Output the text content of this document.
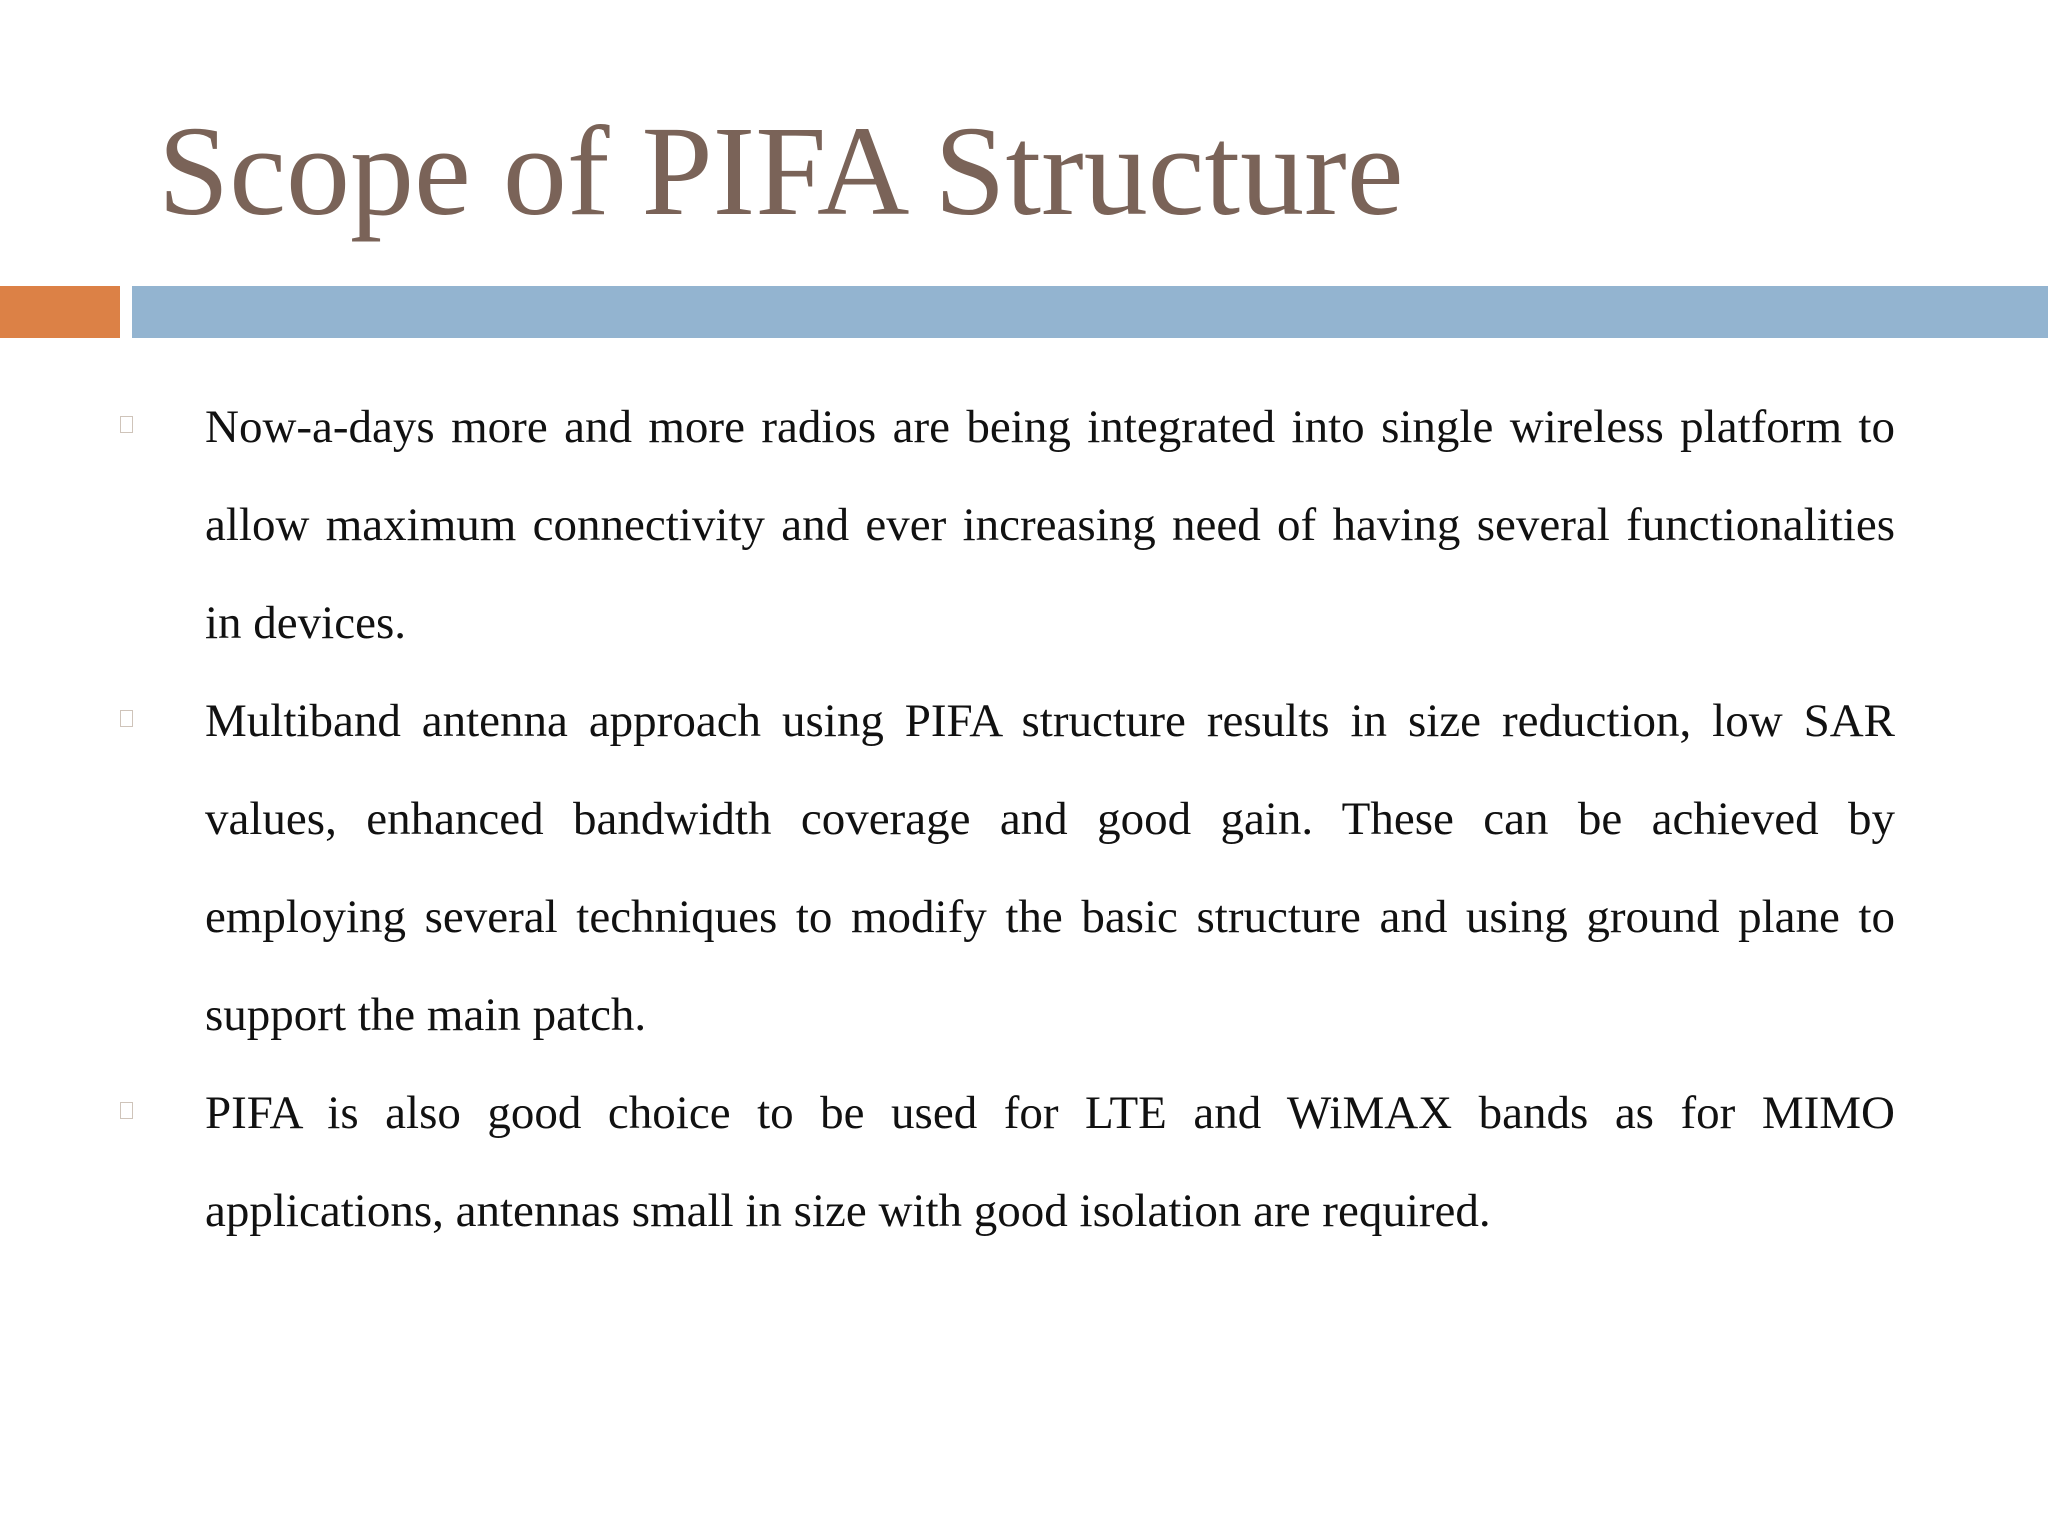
Scope of PIFA Structure
Now-a-days more and more radios are being integrated into single wireless platform to allow maximum connectivity and ever increasing need of having several functionalities in devices.
Multiband antenna approach using PIFA structure results in size reduction, low SAR values, enhanced bandwidth coverage and good gain. These can be achieved by employing several techniques to modify the basic structure and using ground plane to support the main patch.
PIFA is also good choice to be used for LTE and WiMAX bands as for MIMO applications, antennas small in size with good isolation are required.
